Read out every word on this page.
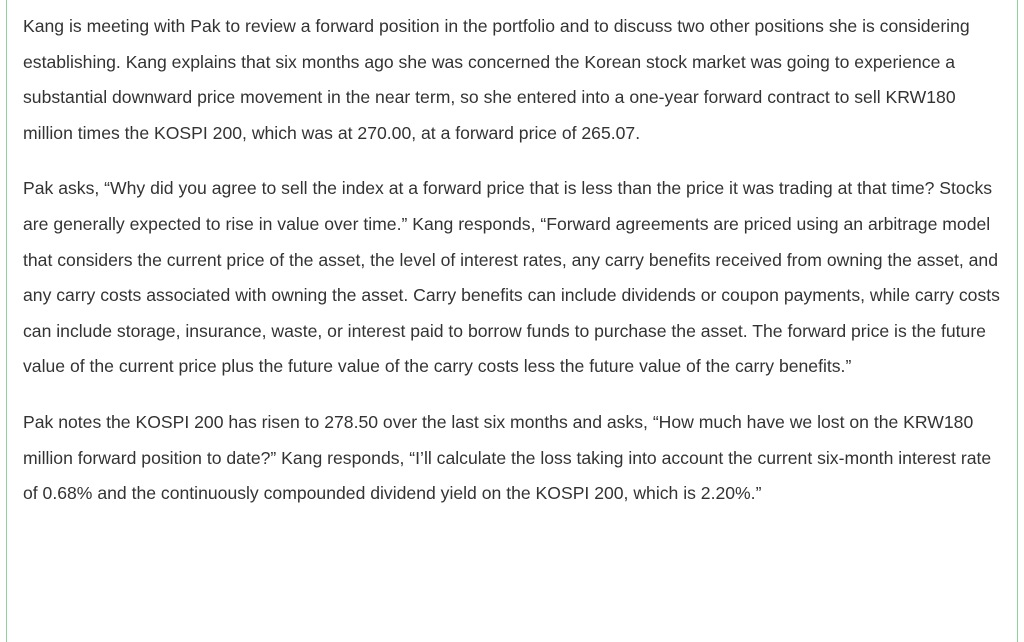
Kang is meeting with Pak to review a forward position in the portfolio and to discuss two other positions she is considering establishing. Kang explains that six months ago she was concerned the Korean stock market was going to experience a substantial downward price movement in the near term, so she entered into a one-year forward contract to sell KRW180 million times the KOSPI 200, which was at 270.00, at a forward price of 265.07.

Pak asks, “Why did you agree to sell the index at a forward price that is less than the price it was trading at that time? Stocks are generally expected to rise in value over time.” Kang responds, “Forward agreements are priced using an arbitrage model that considers the current price of the asset, the level of interest rates, any carry benefits received from owning the asset, and any carry costs associated with owning the asset. Carry benefits can include dividends or coupon payments, while carry costs can include storage, insurance, waste, or interest paid to borrow funds to purchase the asset. The forward price is the future value of the current price plus the future value of the carry costs less the future value of the carry benefits.”

Pak notes the KOSPI 200 has risen to 278.50 over the last six months and asks, “How much have we lost on the KRW180 million forward position to date?” Kang responds, “I’ll calculate the loss taking into account the current six-month interest rate of 0.68% and the continuously compounded dividend yield on the KOSPI 200, which is 2.20%.”
